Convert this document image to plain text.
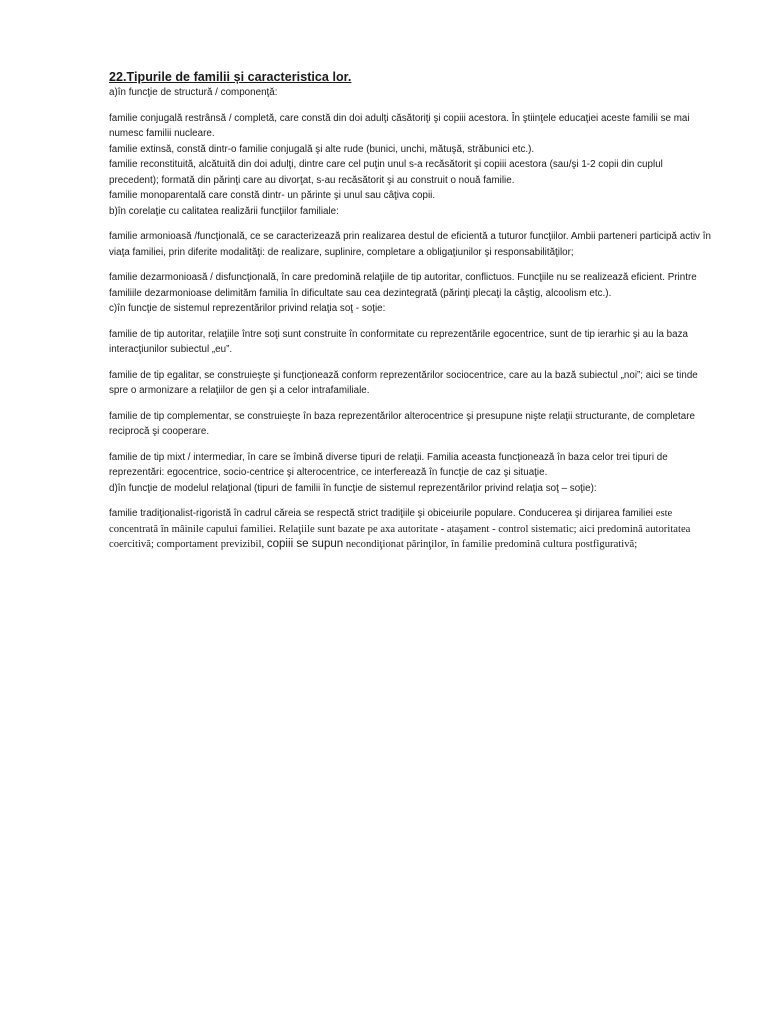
22.Tipurile de familii și caracteristica lor.

a)în funcţie de structură / componenţă:

familie conjugală restrânsă / completă, care constă din doi adulţi căsătoriţi şi copiii acestora. În ştiinţele educaţiei aceste familii se mai numesc familii nucleare.

familie extinsă, constă dintr-o familie conjugală şi alte rude (bunici, unchi, mătuşă, străbunici etc.).

familie reconstituită, alcătuită din doi adulţi, dintre care cel puţin unul s-a recăsătorit şi copiii acestora (sau/şi 1-2 copii din cuplul precedent); formată din părinţi care au divorţat, s-au recăsătorit şi au construit o nouă familie.

familie monoparentală care constă dintr- un părinte şi unul sau câţiva copii.

b)în corelaţie cu calitatea realizării funcţiilor familiale:

familie armonioasă /funcţională, ce se caracterizează prin realizarea destul de eficientă a tuturor funcţiilor. Ambii parteneri participă activ în viaţa familiei, prin diferite modalităţi: de realizare, suplinire, completare a obligaţiunilor şi responsabilităţilor;

familie dezarmonioasă / disfuncţională, în care predomină relaţiile de tip autoritar, conflictuos. Funcţiile nu se realizează eficient. Printre familiile dezarmonioase delimităm familia în dificultate sau cea dezintegrată (părinţi plecaţi la câştig, alcoolism etc.).

c)în funcţie de sistemul reprezentărilor privind relaţia soţ - soţie:

familie de tip autoritar, relaţiile între soţi sunt construite în conformitate cu reprezentările egocentrice, sunt de tip ierarhic şi au la baza interacţiunilor subiectul „eu”.

familie de tip egalitar, se construieşte şi funcţionează conform reprezentărilor sociocentrice, care au la bază subiectul „noi”; aici se tinde spre o armonizare a relaţiilor de gen şi a celor intrafamiliale.

familie de tip complementar, se construieşte în baza reprezentărilor alterocentrice şi presupune nişte relaţii structurante, de completare reciprocă şi cooperare.

familie de tip mixt / intermediar, în care se îmbină diverse tipuri de relaţii. Familia aceasta funcţionează în baza celor trei tipuri de reprezentări: egocentrice, socio-centrice şi alterocentrice, ce interferează în funcţie de caz şi situaţie.

d)în funcţie de modelul relaţional (tipuri de familii în funcţie de sistemul reprezentărilor privind relaţia soţ – soţie):

familie tradiţionalist-rigoristă în cadrul căreia se respectă strict tradiţiile şi obiceiurile populare. Conducerea şi dirijarea familiei este concentrată în mâinile capului familiei. Relaţiile sunt bazate pe axa autoritate - ataşament - control sistematic; aici predomină autoritatea coercitivă; comportament previzibil, copiii se supun necondiţionat părinţilor, în familie predomină cultura postfigurativă;
